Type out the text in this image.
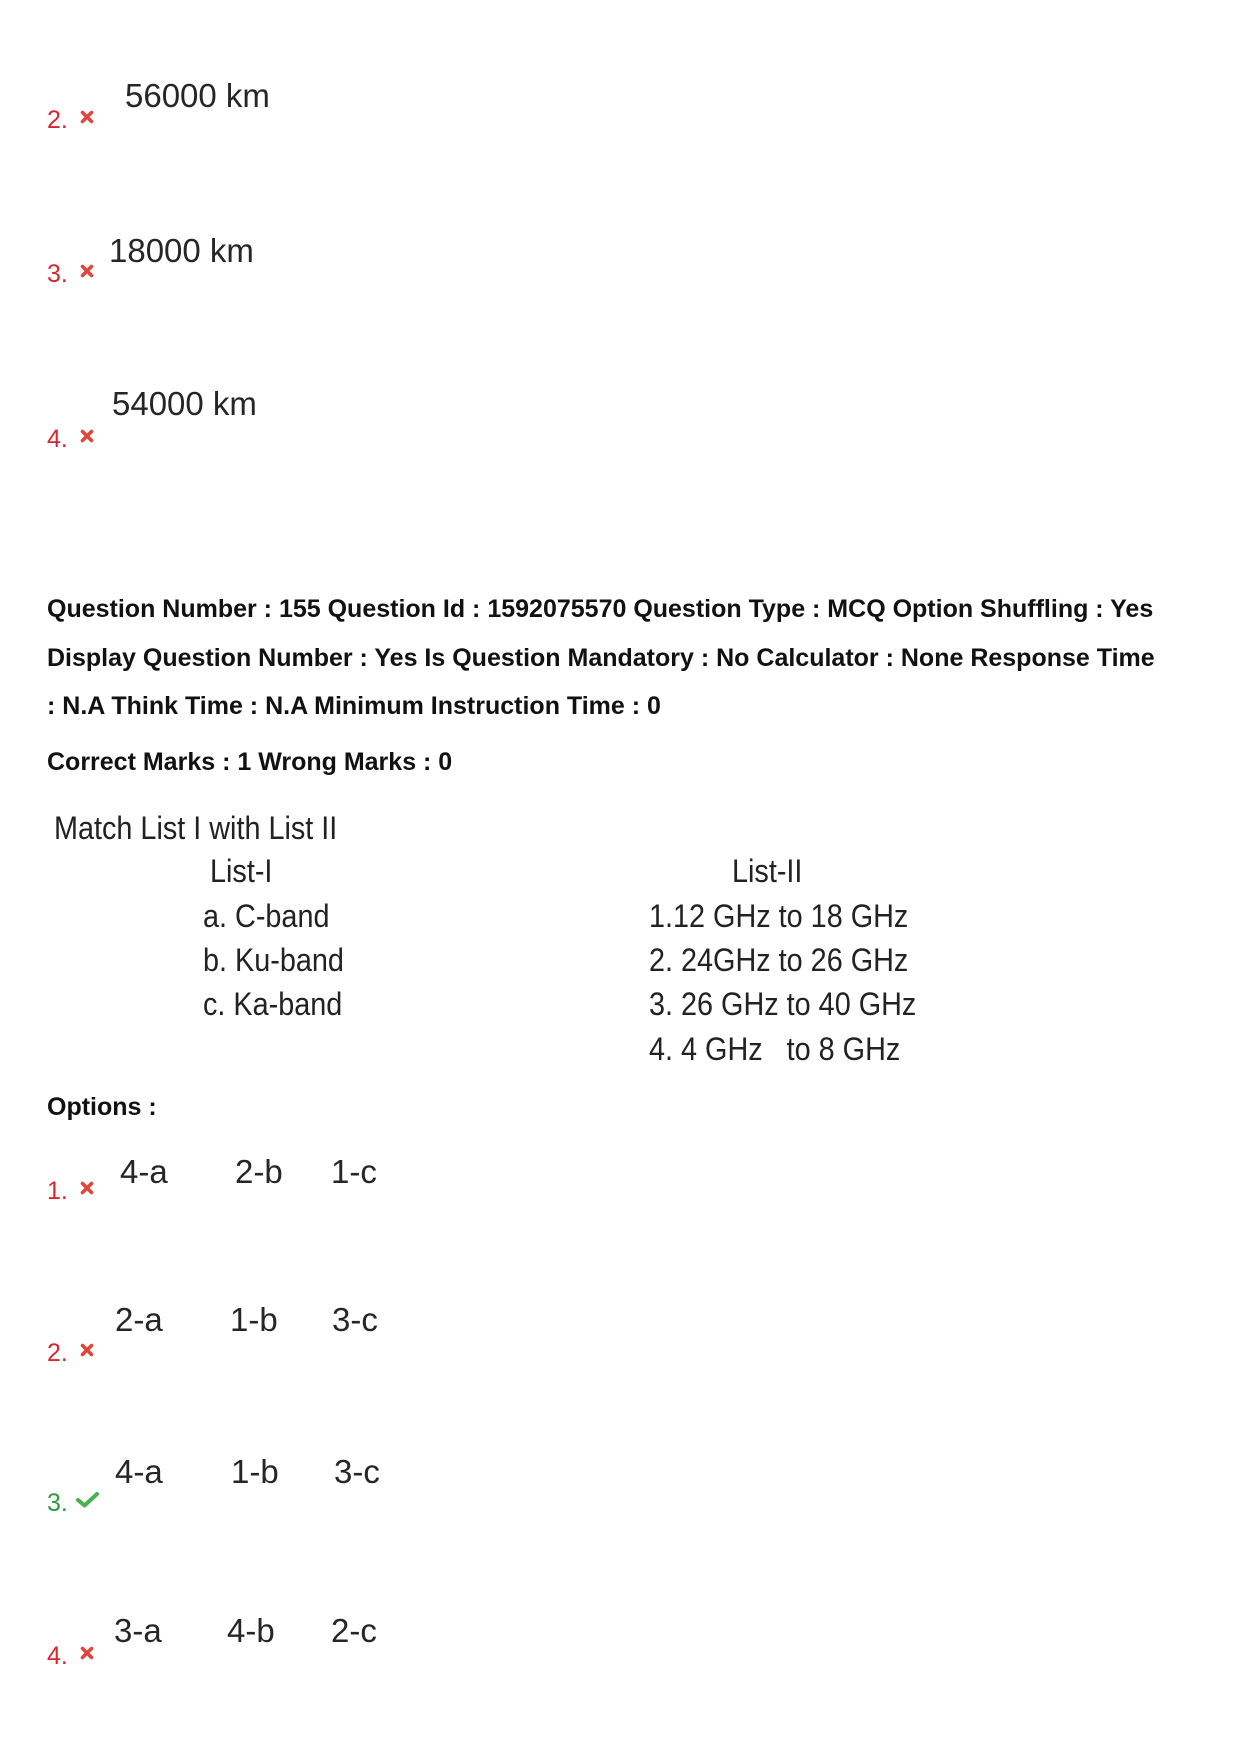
2.
56000 km
3.
18000 km
4.
54000 km
Question Number : 155 Question Id : 1592075570 Question Type : MCQ Option Shuffling : Yes
Display Question Number : Yes Is Question Mandatory : No Calculator : None Response Time
: N.A Think Time : N.A Minimum Instruction Time : 0
Correct Marks : 1 Wrong Marks : 0
Match List I with List II
List-I	List-II
a. C-band
b. Ku-band
c. Ka-band
1.12 GHz to 18 GHz
2. 24GHz to 26 GHz
3. 26 GHz to 40 GHz
4. 4 GHz   to 8 GHz
Options :
1.
4-a 2-b 1-c
2.
2-a 1-b 3-c
3.
4-a 1-b 3-c
4.
3-a 4-b 2-c
